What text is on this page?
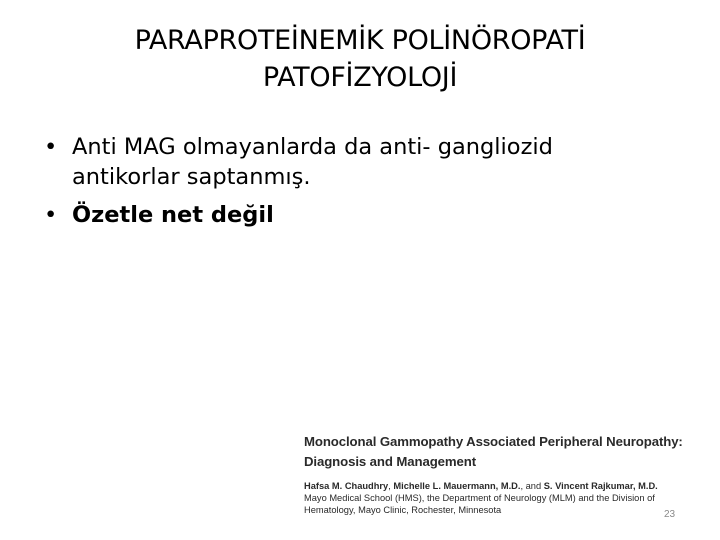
PARAPROTEİNEMİK POLİNÖROPATİ
PATOFİZYOLOJİ
• Anti MAG olmayanlarda da anti- gangliozid
antikorlar saptanmış.
• Özetle net değil
Monoclonal Gammopathy Associated Peripheral Neuropathy:
Diagnosis and Management
Hafsa M. Chaudhry, Michelle L. Mauermann, M.D., and S. Vincent Rajkumar, M.D.
Mayo Medical School (HMS), the Department of Neurology (MLM) and the Division of
Hematology, Mayo Clinic, Rochester, Minnesota	23
